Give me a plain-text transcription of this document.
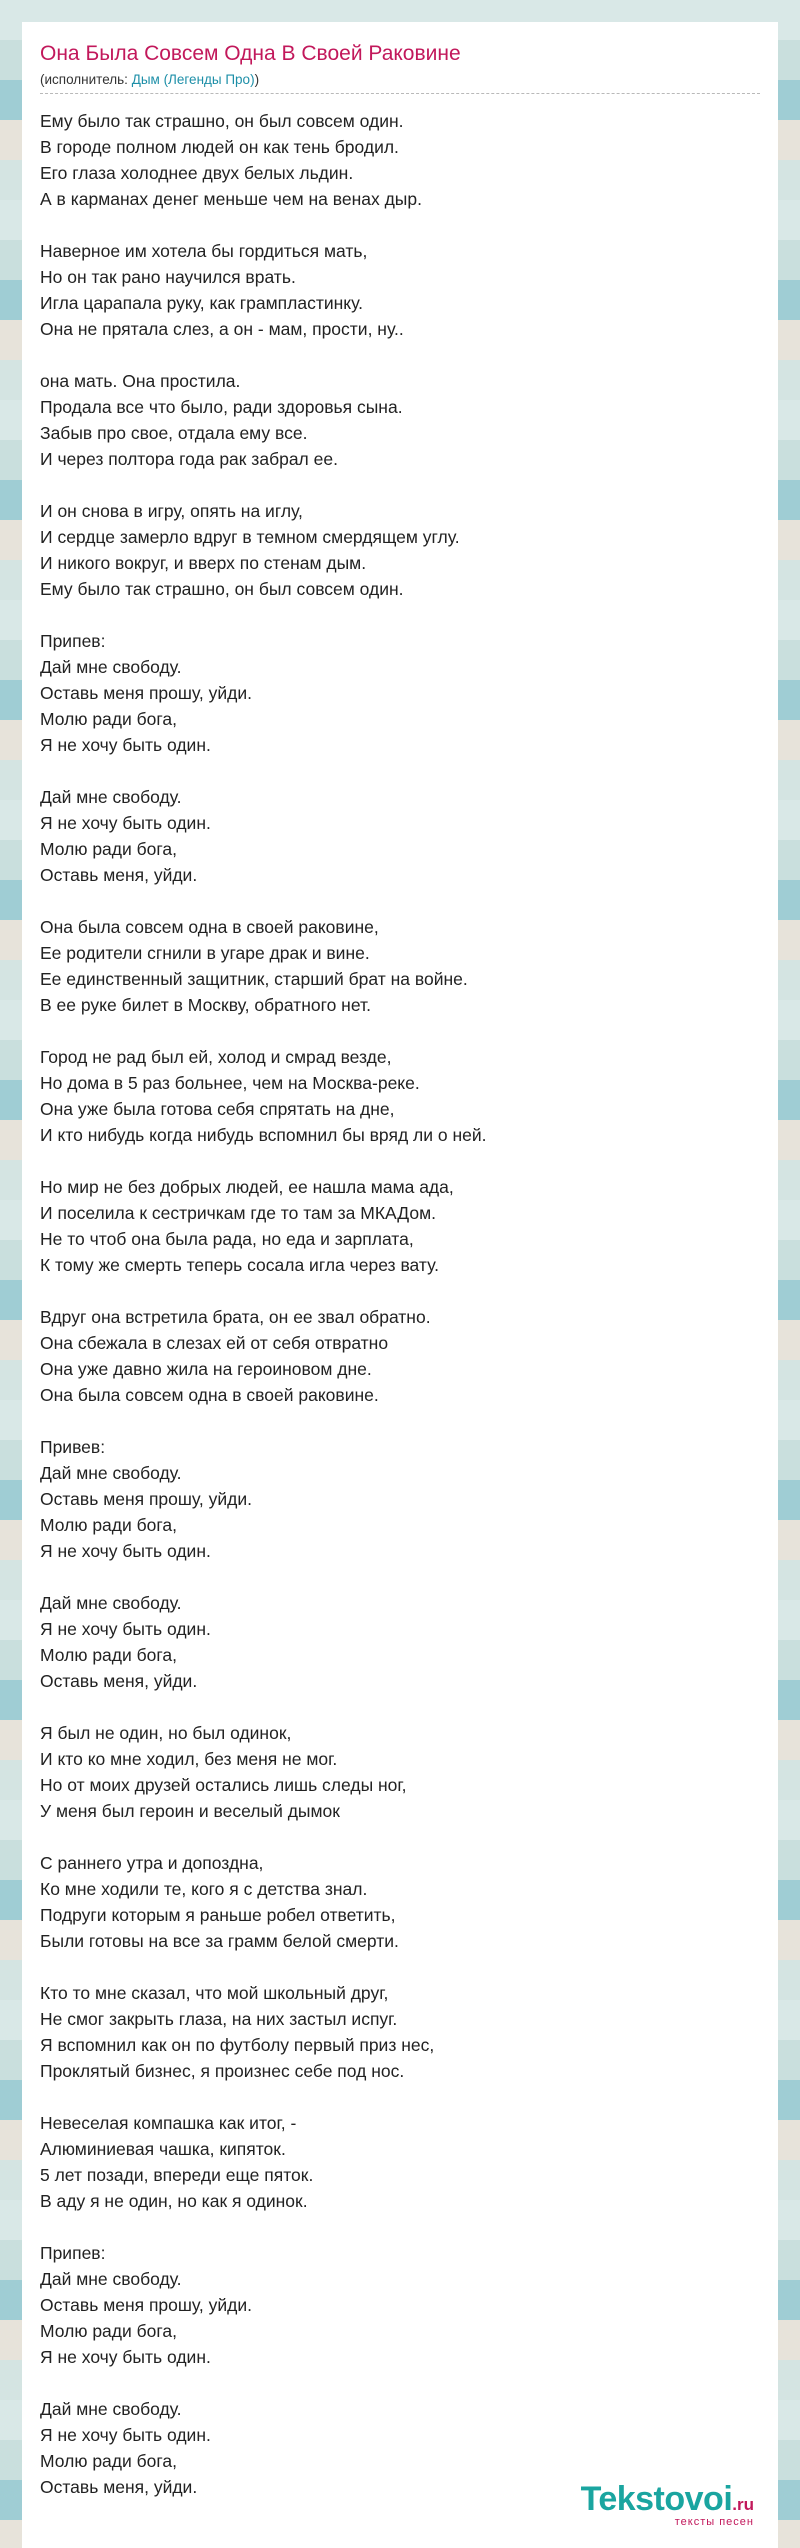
Она Была Совсем Одна В Своей Раковине
(исполнитель: Дым (Легенды Про))
Ему было так страшно, он был совсем один.
В городе полном людей он как тень бродил.
Его глаза холоднее двух белых льдин.
А в карманах денег меньше чем на венах дыр.
Наверное им хотела бы гордиться мать,
Но он так рано научился врать.
Игла царапала руку, как грампластинку.
Она не прятала слез, а он - мам, прости, ну..
она мать. Она простила.
Продала все что было, ради здоровья сына.
Забыв про свое, отдала ему все.
И через полтора года рак забрал ее.
И он снова в игру, опять на иглу,
И сердце замерло вдруг в темном смердящем углу.
И никого вокруг, и вверх по стенам дым.
Ему было так страшно, он был совсем один.
Припев:
Дай мне свободу.
Оставь меня прошу, уйди.
Молю ради бога,
Я не хочу быть один.
Дай мне свободу.
Я не хочу быть один.
Молю ради бога,
Оставь меня, уйди.
Она была совсем одна в своей раковине,
Ее родители сгнили в угаре драк и вине.
Ее единственный защитник, старший брат на войне.
В ее руке билет в Москву, обратного нет.
Город не рад был ей, холод и смрад везде,
Но дома в 5 раз больнее, чем на Москва-реке.
Она уже была готова себя спрятать на дне,
И кто нибудь когда нибудь вспомнил бы вряд ли о ней.
Но мир не без добрых людей, ее нашла мама ада,
И поселила к сестричкам где то там за МКАДом.
Не то чтоб она была рада, но еда и зарплата,
К тому же смерть теперь сосала игла через вату.
Вдруг она встретила брата, он ее звал обратно.
Она сбежала в слезах ей от себя отвратно
Она уже давно жила на героиновом дне.
Она была совсем одна в своей раковине.
Привев:
Дай мне свободу.
Оставь меня прошу, уйди.
Молю ради бога,
Я не хочу быть один.
Дай мне свободу.
Я не хочу быть один.
Молю ради бога,
Оставь меня, уйди.
Я был не один, но был одинок,
И кто ко мне ходил, без меня не мог.
Но от моих друзей остались лишь следы ног,
У меня был героин и веселый дымок
С раннего утра и допоздна,
Ко мне ходили те, кого я с детства знал.
Подруги которым я раньше робел ответить,
Были готовы на все за грамм белой смерти.
Кто то мне сказал, что мой школьный друг,
Не смог закрыть глаза, на них застыл испуг.
Я вспомнил как он по футболу первый приз нес,
Проклятый бизнес, я произнес себе под нос.
Невеселая компашка как итог, -
Алюминиевая чашка, кипяток.
5 лет позади, впереди еще пяток.
В аду я не один, но как я одинок.
Припев:
Дай мне свободу.
Оставь меня прошу, уйди.
Молю ради бога,
Я не хочу быть один.
Дай мне свободу.
Я не хочу быть один.
Молю ради бога,
Оставь меня, уйди.	Tekstovoi.ru
тексты песен
